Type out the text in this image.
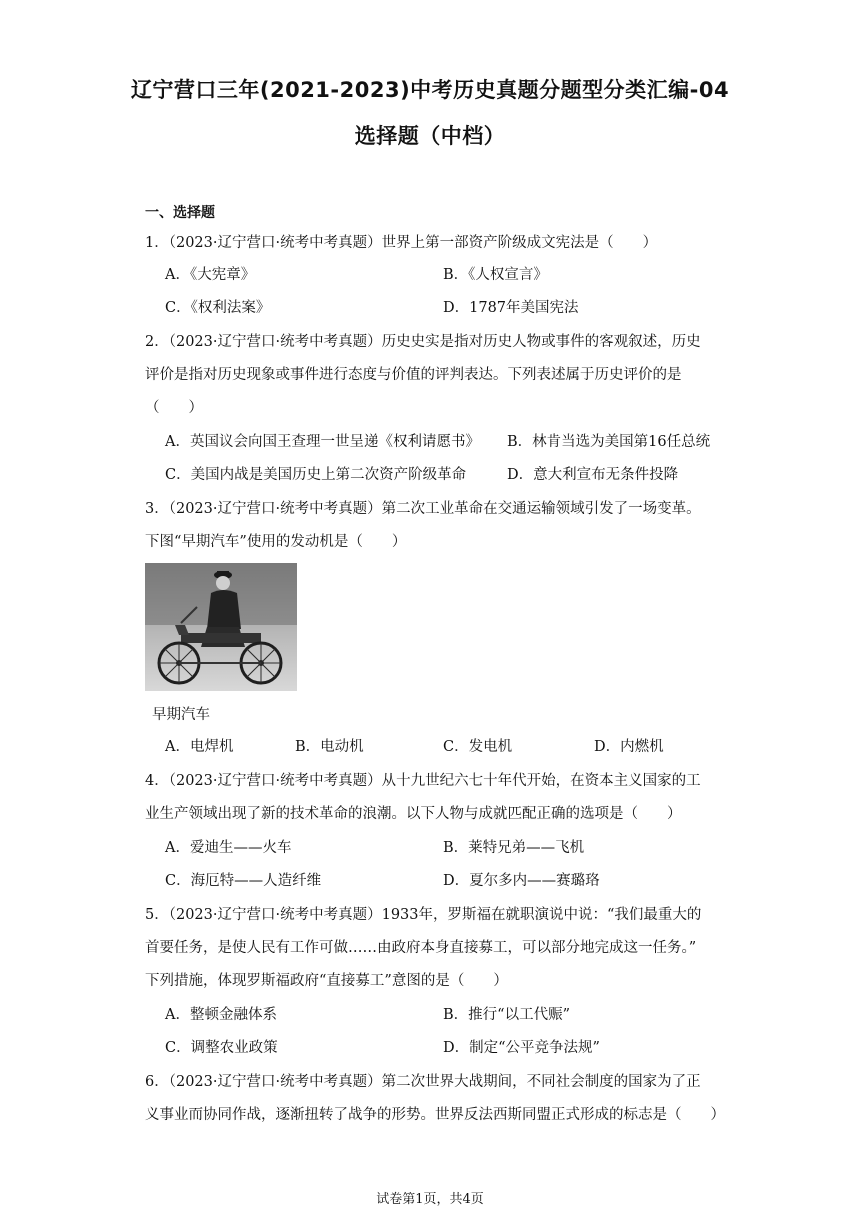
辽宁营口三年(2021-2023)中考历史真题分题型分类汇编-04
选择题（中档）
一、选择题
1．（2023·辽宁营口·统考中考真题）世界上第一部资产阶级成文宪法是（　　）
A．《大宪章》	B．《人权宣言》
C．《权利法案》	D．1787年美国宪法
2．（2023·辽宁营口·统考中考真题）历史史实是指对历史人物或事件的客观叙述，历史
评价是指对历史现象或事件进行态度与价值的评判表达。下列表述属于历史评价的是
（　　）
A．英国议会向国王查理一世呈递《权利请愿书》 B．林肯当选为美国第16任总统
C．美国内战是美国历史上第二次资产阶级革命	D．意大利宣布无条件投降
3．（2023·辽宁营口·统考中考真题）第二次工业革命在交通运输领域引发了一场变革。
下图“早期汽车”使用的发动机是（　　）
早期汽车
A．电焊机	B．电动机	C．发电机	D．内燃机
4．（2023·辽宁营口·统考中考真题）从十九世纪六七十年代开始，在资本主义国家的工
业生产领域出现了新的技术革命的浪潮。以下人物与成就匹配正确的选项是（　　）
A．爱迪生——火车	B．莱特兄弟——飞机
C．海厄特——人造纤维	D．夏尔多内——赛璐珞
5．（2023·辽宁营口·统考中考真题）1933年，罗斯福在就职演说中说：“我们最重大的
首要任务，是使人民有工作可做……由政府本身直接募工，可以部分地完成这一任务。”
下列措施，体现罗斯福政府“直接募工”意图的是（　　）
A．整顿金融体系	B．推行“以工代赈”
C．调整农业政策	D．制定“公平竞争法规”
6．（2023·辽宁营口·统考中考真题）第二次世界大战期间，不同社会制度的国家为了正
义事业而协同作战，逐渐扭转了战争的形势。世界反法西斯同盟正式形成的标志是（　　）
试卷第1页，共4页
